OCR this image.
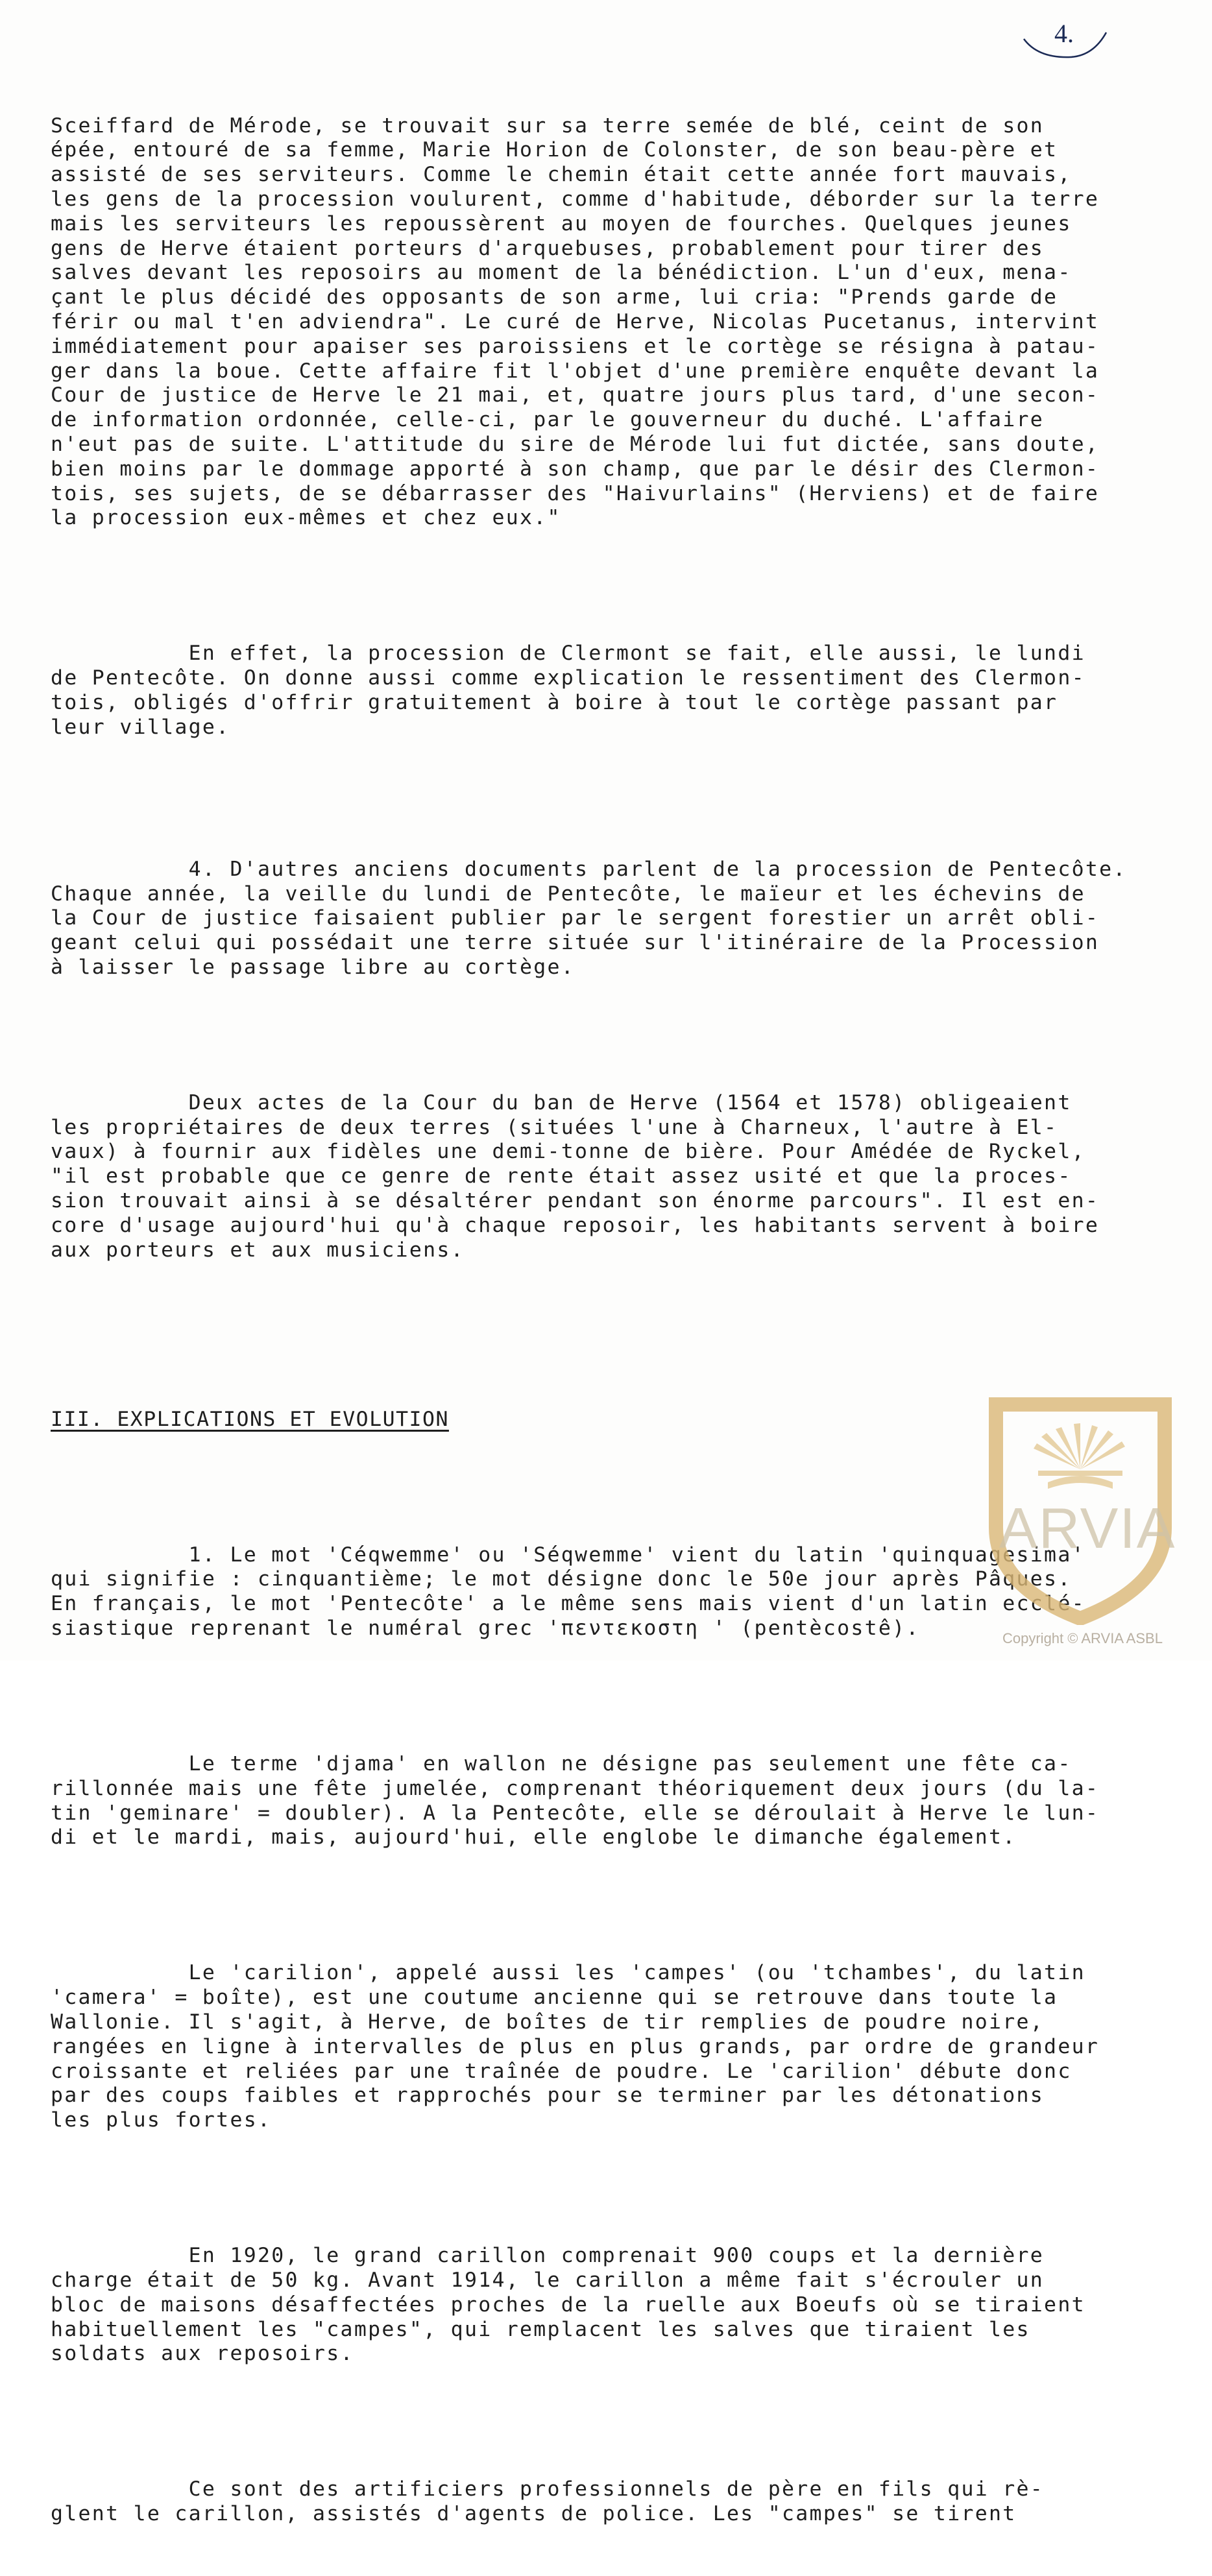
4.

Sceiffard de Mérode, se trouvait sur sa terre semée de blé, ceint de son
épée, entouré de sa femme, Marie Horion de Colonster, de son beau-père et
assisté de ses serviteurs. Comme le chemin était cette année fort mauvais,
les gens de la procession voulurent, comme d'habitude, déborder sur la terre
mais les serviteurs les repoussèrent au moyen de fourches. Quelques jeunes
gens de Herve étaient porteurs d'arquebuses, probablement pour tirer des
salves devant les reposoirs au moment de la bénédiction. L'un d'eux, mena-
çant le plus décidé des opposants de son arme, lui cria: "Prends garde de
férir ou mal t'en adviendra". Le curé de Herve, Nicolas Pucetanus, intervint
immédiatement pour apaiser ses paroissiens et le cortège se résigna à patau-
ger dans la boue. Cette affaire fit l'objet d'une première enquête devant la
Cour de justice de Herve le 21 mai, et, quatre jours plus tard, d'une secon-
de information ordonnée, celle-ci, par le gouverneur du duché. L'affaire
n'eut pas de suite. L'attitude du sire de Mérode lui fut dictée, sans doute,
bien moins par le dommage apporté à son champ, que par le désir des Clermon-
tois, ses sujets, de se débarrasser des "Haivurlains" (Herviens) et de faire
la procession eux-mêmes et chez eux."

En effet, la procession de Clermont se fait, elle aussi, le lundi
de Pentecôte. On donne aussi comme explication le ressentiment des Clermon-
tois, obligés d'offrir gratuitement à boire à tout le cortège passant par
leur village.

4. D'autres anciens documents parlent de la procession de Pentecôte.
Chaque année, la veille du lundi de Pentecôte, le maïeur et les échevins de
la Cour de justice faisaient publier par le sergent forestier un arrêt obli-
geant celui qui possédait une terre située sur l'itinéraire de la Procession
à laisser le passage libre au cortège.

Deux actes de la Cour du ban de Herve (1564 et 1578) obligeaient
les propriétaires de deux terres (situées l'une à Charneux, l'autre à El-
vaux) à fournir aux fidèles une demi-tonne de bière. Pour Amédée de Ryckel,
"il est probable que ce genre de rente était assez usité et que la proces-
sion trouvait ainsi à se désaltérer pendant son énorme parcours". Il est en-
core d'usage aujourd'hui qu'à chaque reposoir, les habitants servent à boire
aux porteurs et aux musiciens.

III. EXPLICATIONS ET EVOLUTION

1. Le mot 'Céqwemme' ou 'Séqwemme' vient du latin 'quinquagesima'
qui signifie : cinquantième; le mot désigne donc le 50e jour après Pâques.
En français, le mot 'Pentecôte' a le même sens mais vient d'un latin ecclé-
siastique reprenant le numéral grec 'πεντεκοστη ' (pentècostê).

Le terme 'djama' en wallon ne désigne pas seulement une fête ca-
rillonnée mais une fête jumelée, comprenant théoriquement deux jours (du la-
tin 'geminare' = doubler). A la Pentecôte, elle se déroulait à Herve le lun-
di et le mardi, mais, aujourd'hui, elle englobe le dimanche également.

Le 'carilion', appelé aussi les 'campes' (ou 'tchambes', du latin
'camera' = boîte), est une coutume ancienne qui se retrouve dans toute la
Wallonie. Il s'agit, à Herve, de boîtes de tir remplies de poudre noire,
rangées en ligne à intervalles de plus en plus grands, par ordre de grandeur
croissante et reliées par une traînée de poudre. Le 'carilion' débute donc
par des coups faibles et rapprochés pour se terminer par les détonations
les plus fortes.

En 1920, le grand carillon comprenait 900 coups et la dernière
charge était de 50 kg. Avant 1914, le carillon a même fait s'écrouler un
bloc de maisons désaffectées proches de la ruelle aux Boeufs où se tiraient
habituellement les "campes", qui remplacent les salves que tiraient les
soldats aux reposoirs.

Ce sont des artificiers professionnels de père en fils qui rè-
glent le carillon, assistés d'agents de police. Les "campes" se tirent

ARVIA
Copyright © ARVIA ASBL
